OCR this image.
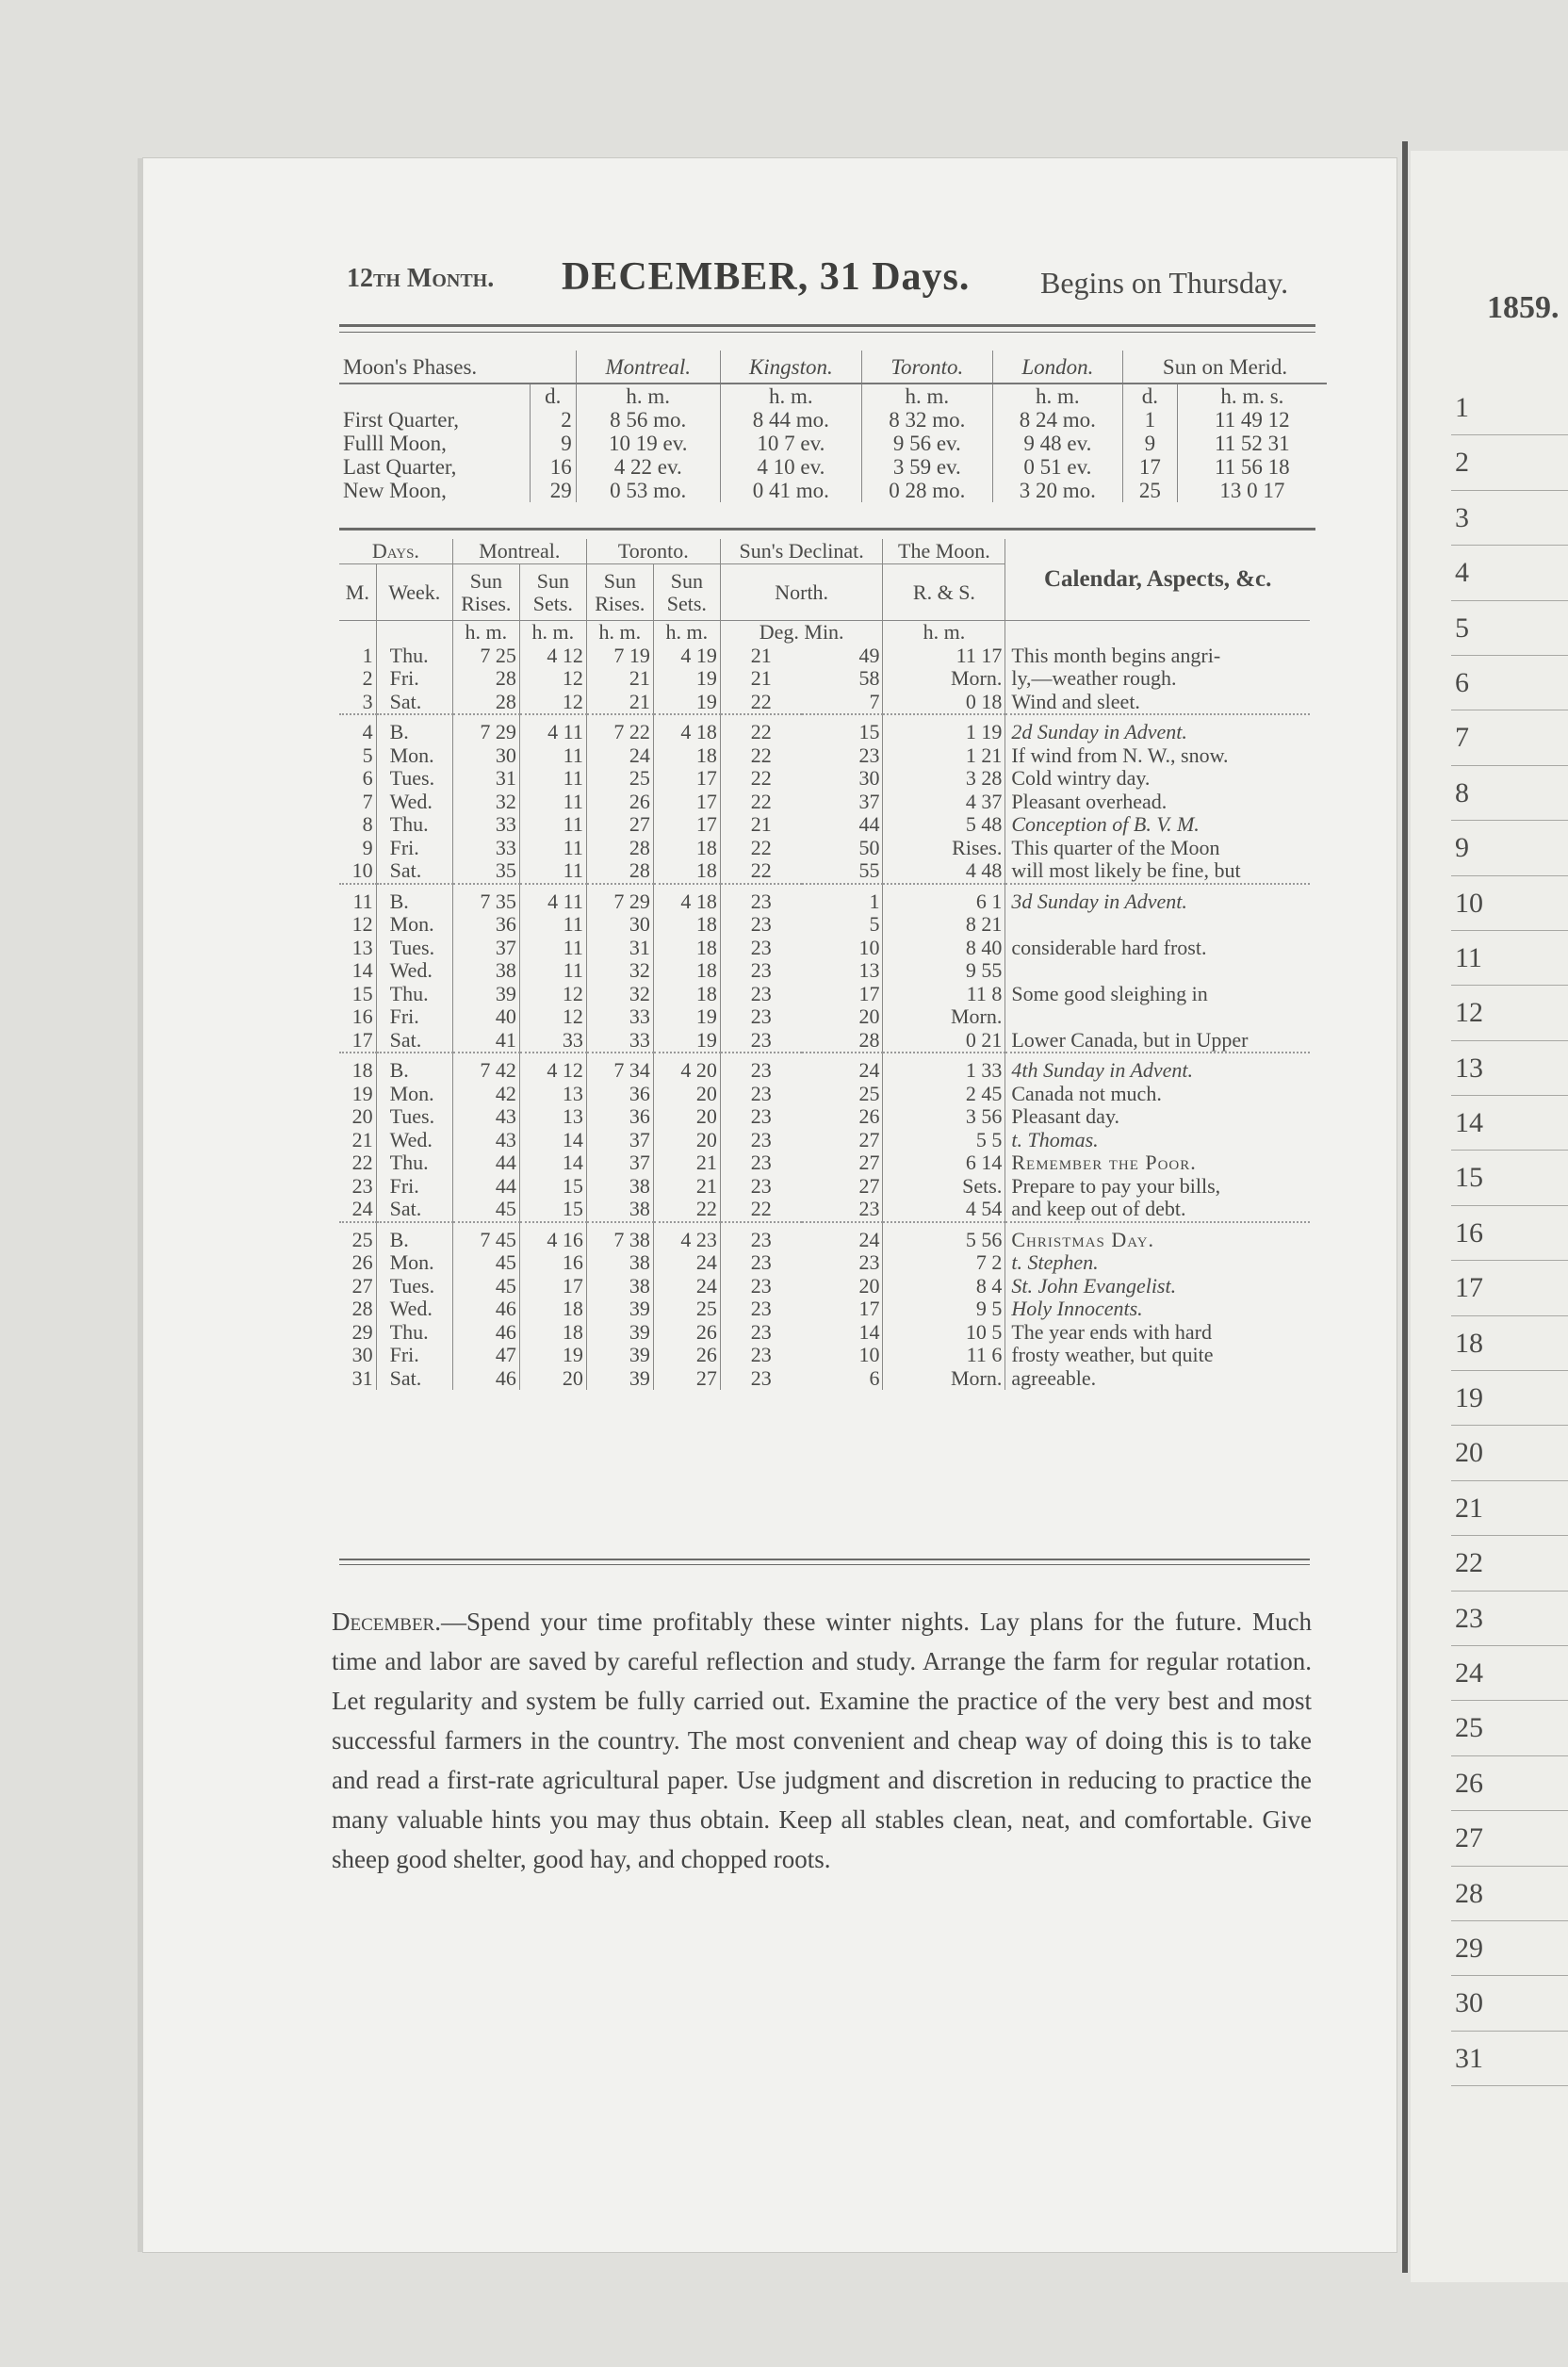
12th Month. DECEMBER, 31 Days. Begins on Thursday.
Moon's Phases.		Montreal.	Kingston.	Toronto.	London.	Sun on Merid.	
	d.	h. m.	h. m.	h. m.	h. m.	d.	h. m. s.
First Quarter,	2	8 56 mo.	8 44 mo.	8 32 mo.	8 24 mo.	1	11 49 12
Fulll Moon,	9	10 19 ev.	10 7 ev.	9 56 ev.	9 48 ev.	9	11 52 31
Last Quarter,	16	4 22 ev.	4 10 ev.	3 59 ev.	0 51 ev.	17	11 56 18
New Moon,	29	0 53 mo.	0 41 mo.	0 28 mo.	3 20 mo.	25	13 0 17
Days.		Montreal.		Toronto.		Sun's Declinat.		The Moon.	Calendar, Aspects, &c.
M.	Week.	Sun Rises.	Sun Sets.	Sun Rises.	Sun Sets.	North.		R. & S.	
		h. m.	h. m.	h. m.	h. m.	Deg. Min.		h. m.	
1	Thu.	7 25	4 12	7 19	4 19	21	49	11 17	This month begins angri-
2	Fri.	28	12	21	19	21	58	Morn.	ly,—weather rough.
3	Sat.	28	12	21	19	22	7	0 18	Wind and sleet.
4	B.	7 29	4 11	7 22	4 18	22	15	1 19	2d Sunday in Advent.
5	Mon.	30	11	24	18	22	23	1 21	If wind from N. W., snow.
6	Tues.	31	11	25	17	22	30	3 28	Cold wintry day.
7	Wed.	32	11	26	17	22	37	4 37	Pleasant overhead.
8	Thu.	33	11	27	17	21	44	5 48	Conception of B. V. M.
9	Fri.	33	11	28	18	22	50	Rises.	This quarter of the Moon
10	Sat.	35	11	28	18	22	55	4 48	will most likely be fine, but
11	B.	7 35	4 11	7 29	4 18	23	1	6 1	3d Sunday in Advent.
12	Mon.	36	11	30	18	23	5	8 21	
13	Tues.	37	11	31	18	23	10	8 40	considerable hard frost.
14	Wed.	38	11	32	18	23	13	9 55	
15	Thu.	39	12	32	18	23	17	11 8	Some good sleighing in
16	Fri.	40	12	33	19	23	20	Morn.	
17	Sat.	41	33	33	19	23	28	0 21	Lower Canada, but in Upper
18	B.	7 42	4 12	7 34	4 20	23	24	1 33	4th Sunday in Advent.
19	Mon.	42	13	36	20	23	25	2 45	Canada not much.
20	Tues.	43	13	36	20	23	26	3 56	Pleasant day.
21	Wed.	43	14	37	20	23	27	5 5	t. Thomas.
22	Thu.	44	14	37	21	23	27	6 14	Remember the Poor.
23	Fri.	44	15	38	21	23	27	Sets.	Prepare to pay your bills,
24	Sat.	45	15	38	22	22	23	4 54	and keep out of debt.
25	B.	7 45	4 16	7 38	4 23	23	24	5 56	Christmas Day.
26	Mon.	45	16	38	24	23	23	7 2	t. Stephen.
27	Tues.	45	17	38	24	23	20	8 4	St. John Evangelist.
28	Wed.	46	18	39	25	23	17	9 5	Holy Innocents.
29	Thu.	46	18	39	26	23	14	10 5	The year ends with hard
30	Fri.	47	19	39	26	23	10	11 6	frosty weather, but quite
31	Sat.	46	20	39	27	23	6	Morn.	agreeable.
December.—Spend your time profitably these winter nights. Lay plans for the future. Much time and labor are saved by careful reflection and study. Arrange the farm for regular rotation. Let regularity and system be fully carried out. Examine the practice of the very best and most successful farmers in the country. The most convenient and cheap way of doing this is to take and read a first-rate agricultural paper. Use judgment and discretion in reducing to practice the many valuable hints you may thus obtain. Keep all stables clean, neat, and comfortable. Give sheep good shelter, good hay, and chopped roots.
1859.
1
2
3
4
5
6
7
8
9
10
11
12
13
14
15
16
17
18
19
20
21
22
23
24
25
26
27
28
29
30
31
